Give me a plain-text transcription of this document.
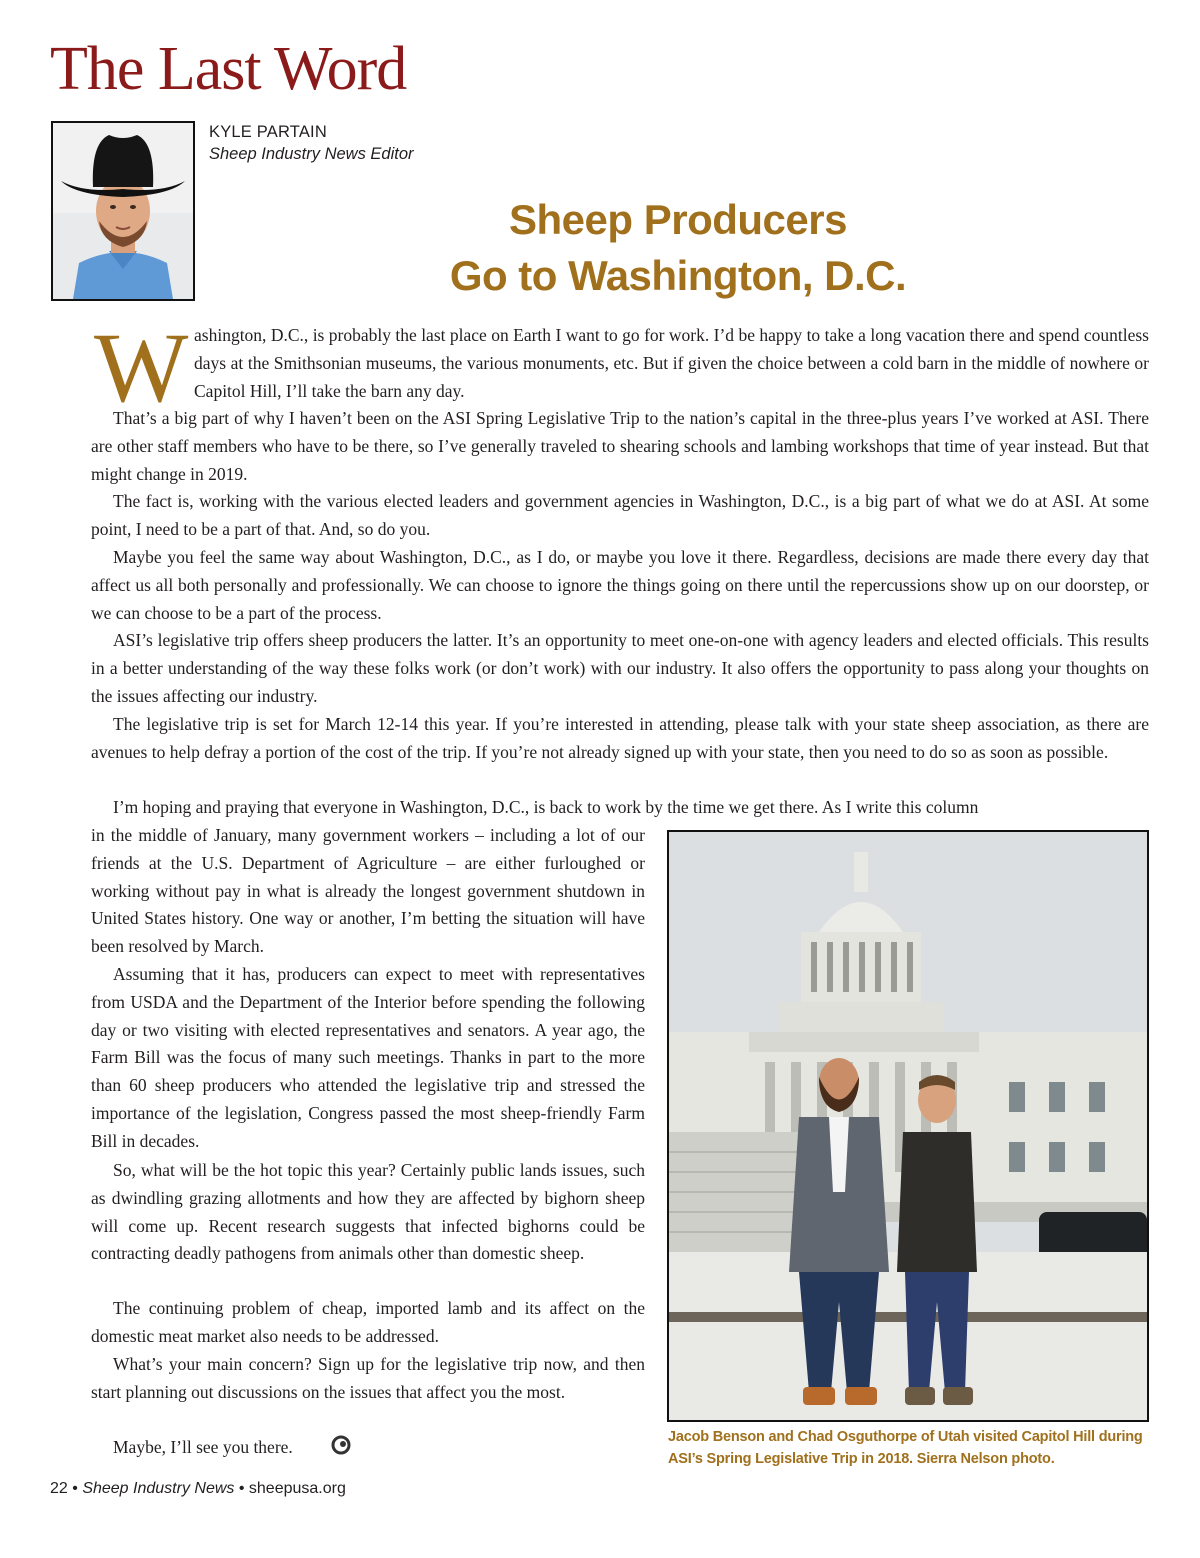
The Last Word
KYLE PARTAIN
Sheep Industry News Editor
Sheep Producers
Go to Washington, D.C.
W ashington, D.C., is probably the last place on Earth I want to go for work. I’d be happy to take a long vacation there and spend countless days at the Smithsonian museums, the various monuments, etc. But if given the choice between a cold barn in the middle of nowhere or Capitol Hill, I’ll take the barn any day.
That’s a big part of why I haven’t been on the ASI Spring Legislative Trip to the nation’s capital in the three-plus years I’ve worked at ASI. There are other staff members who have to be there, so I’ve generally traveled to shearing schools and lambing workshops that time of year instead. But that might change in 2019.
The fact is, working with the various elected leaders and government agencies in Washington, D.C., is a big part of what we do at ASI. At some point, I need to be a part of that. And, so do you.
Maybe you feel the same way about Washington, D.C., as I do, or maybe you love it there. Regardless, decisions are made there every day that affect us all both personally and professionally. We can choose to ignore the things going on there until the repercussions show up on our doorstep, or we can choose to be a part of the process.
ASI’s legislative trip offers sheep producers the latter. It’s an opportunity to meet one-on-one with agency leaders and elected officials. This results in a better understanding of the way these folks work (or don’t work) with our industry. It also offers the opportunity to pass along your thoughts on the issues affecting our industry.
The legislative trip is set for March 12-14 this year. If you’re interested in attending, please talk with your state sheep association, as there are avenues to help defray a portion of the cost of the trip. If you’re not already signed up with your state, then you need to do so as soon as possible.
I’m hoping and praying that everyone in Washington, D.C., is back to work by the time we get there. As I write this column
in the middle of January, many government workers – including a lot of our friends at the U.S. Department of Agriculture – are either furloughed or working without pay in what is already the longest government shutdown in United States history. One way or another, I’m betting the situation will have been resolved by March.
Assuming that it has, producers can expect to meet with representatives from USDA and the Department of the Interior before spending the following day or two visiting with elected representatives and senators. A year ago, the Farm Bill was the focus of many such meetings. Thanks in part to the more than 60 sheep producers who attended the legislative trip and stressed the importance of the legislation, Congress passed the most sheep-friendly Farm Bill in decades.
So, what will be the hot topic this year? Certainly public lands issues, such as dwindling grazing allotments and how they are affected by bighorn sheep will come up. Recent research suggests that infected bighorns could be contracting deadly pathogens from animals other than domestic sheep.
The continuing problem of cheap, imported lamb and its affect on the domestic meat market also needs to be addressed.
What’s your main concern? Sign up for the legislative trip now, and then start planning out discussions on the issues that affect you the most.
Maybe, I’ll see you there.	Jacob Benson and Chad Osguthorpe of Utah visited Capitol Hill during
ASI’s Spring Legislative Trip in 2018. Sierra Nelson photo.
22 • Sheep Industry News • sheepusa.org
